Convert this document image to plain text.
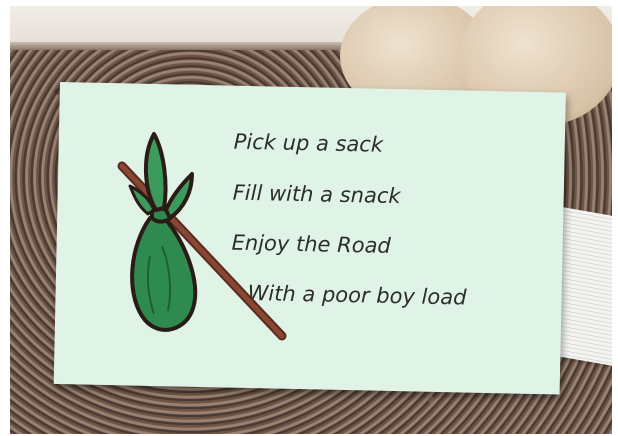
Pick up a sack
Fill with a snack
Enjoy the Road
With a poor boy load
